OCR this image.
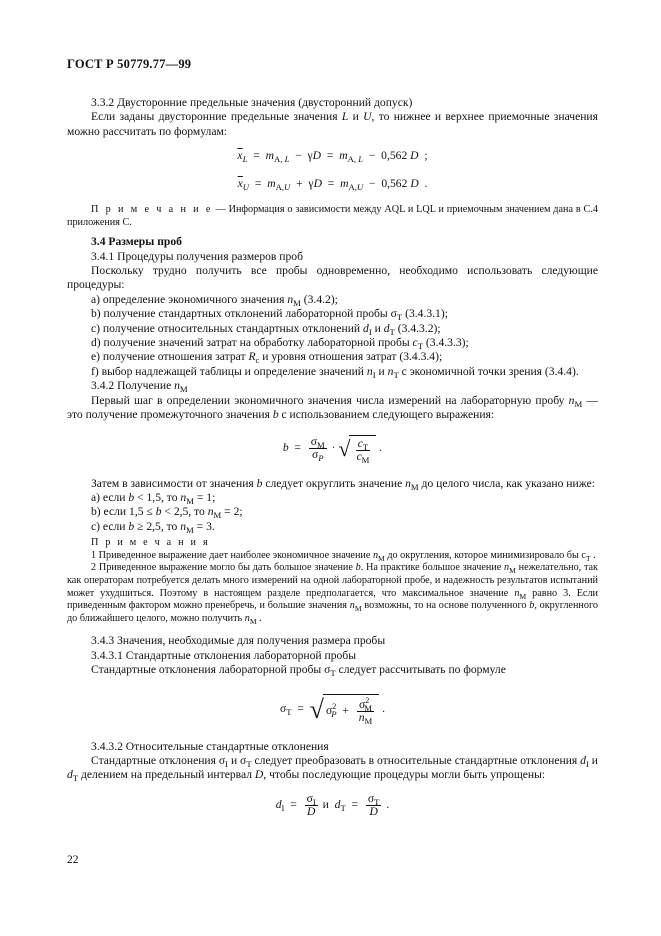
ГОСТ Р 50779.77—99

3.3.2 Двусторонние предельные значения (двусторонний допуск)

Если заданы двусторонние предельные значения L и U, то нижнее и верхнее приемочные значения можно рассчитать по формулам:

$\overline{x}_L = m_{A, L} - \gamma D = m_{A, L} - 0,562$ D  ;
$\overline{x}_U = m_{A,U} + \gamma D = m_{A,U} - 0,562$ D  .

П р и м е ч а н и е — Информация о зависимости между AQL и LQL и приемочным значением дана в С.4 приложения С.

3.4 Размеры проб

3.4.1 Процедуры получения размеров проб

Поскольку трудно получить все пробы одновременно, необходимо использовать следующие процедуры:

а) определение экономичного значения $n_М$ (3.4.2);

b) получение стандартных отклонений лабораторной пробы $\sigma_Т$ (3.4.3.1);

c) получение относительных стандартных отклонений $d_I$ и $d_T$ (3.4.3.2);

d) получение значений затрат на обработку лабораторной пробы $c_T$ (3.4.3.3);

e) получение отношения затрат $R_c$ и уровня отношения затрат (3.4.3.4);

f) выбор надлежащей таблицы и определение значений $n_I$ и $n_T$ с экономичной точки зрения (3.4.4).

3.4.2 Получение $n_М$

Первый шаг в определении экономичного значения числа измерений на лабораторную пробу $n_М$ — это получение промежуточного значения b с использованием следующего выражения:

$b = \frac{\sigma_M}{\sigma_P}$ · √ $\frac{c_T}{c_M}$ .

Затем в зависимости от значения b следует округлить значение $n_М$ до целого числа, как указано ниже:

а) если b < 1,5, то $n_М = 1$;

b) если 1,5 ≤ b < 2,5, то $n_М = 2$;

c) если b ≥ 2,5, то $n_М = 3$.

П р и м е ч а н и я

1 Приведенное выражение дает наиболее экономичное значение $n_М$ до округления, которое минимизировало бы $c_T$ .

2 Приведенное выражение могло бы дать большое значение b. На практике большое значение $n_М$ нежелательно, так как операторам потребуется делать много измерений на одной лабораторной пробе, и надежность результатов испытаний может ухудшиться. Поэтому в настоящем разделе предполагается, что максимальное значение $n_М$ равно 3. Если приведенным фактором можно пренебречь, и большие значения $n_М$ возможны, то на основе полученного b, округленного до ближайшего целого, можно получить $n_М$ .

3.4.3 Значения, необходимые для получения размера пробы

3.4.3.1 Стандартные отклонения лабораторной пробы

Стандартные отклонения лабораторной пробы $\sigma_T$ следует рассчитывать по формуле

$\sigma_T$  = √ $\sigma^2_P + \frac{\sigma^2_M}{n_M}$ .

3.4.3.2 Относительные стандартные отклонения

Стандартные отклонения $\sigma_I$ и $\sigma_T$ следует преобразовать в относительные стандартные отклонения $d_I$ и $d_T$ делением на предельный интервал D, чтобы последующие процедуры могли быть упрощены:

$d_I = \frac{\sigma_I}{D}$ и  $d_T = \frac{\sigma_T}{D}$ .
22
